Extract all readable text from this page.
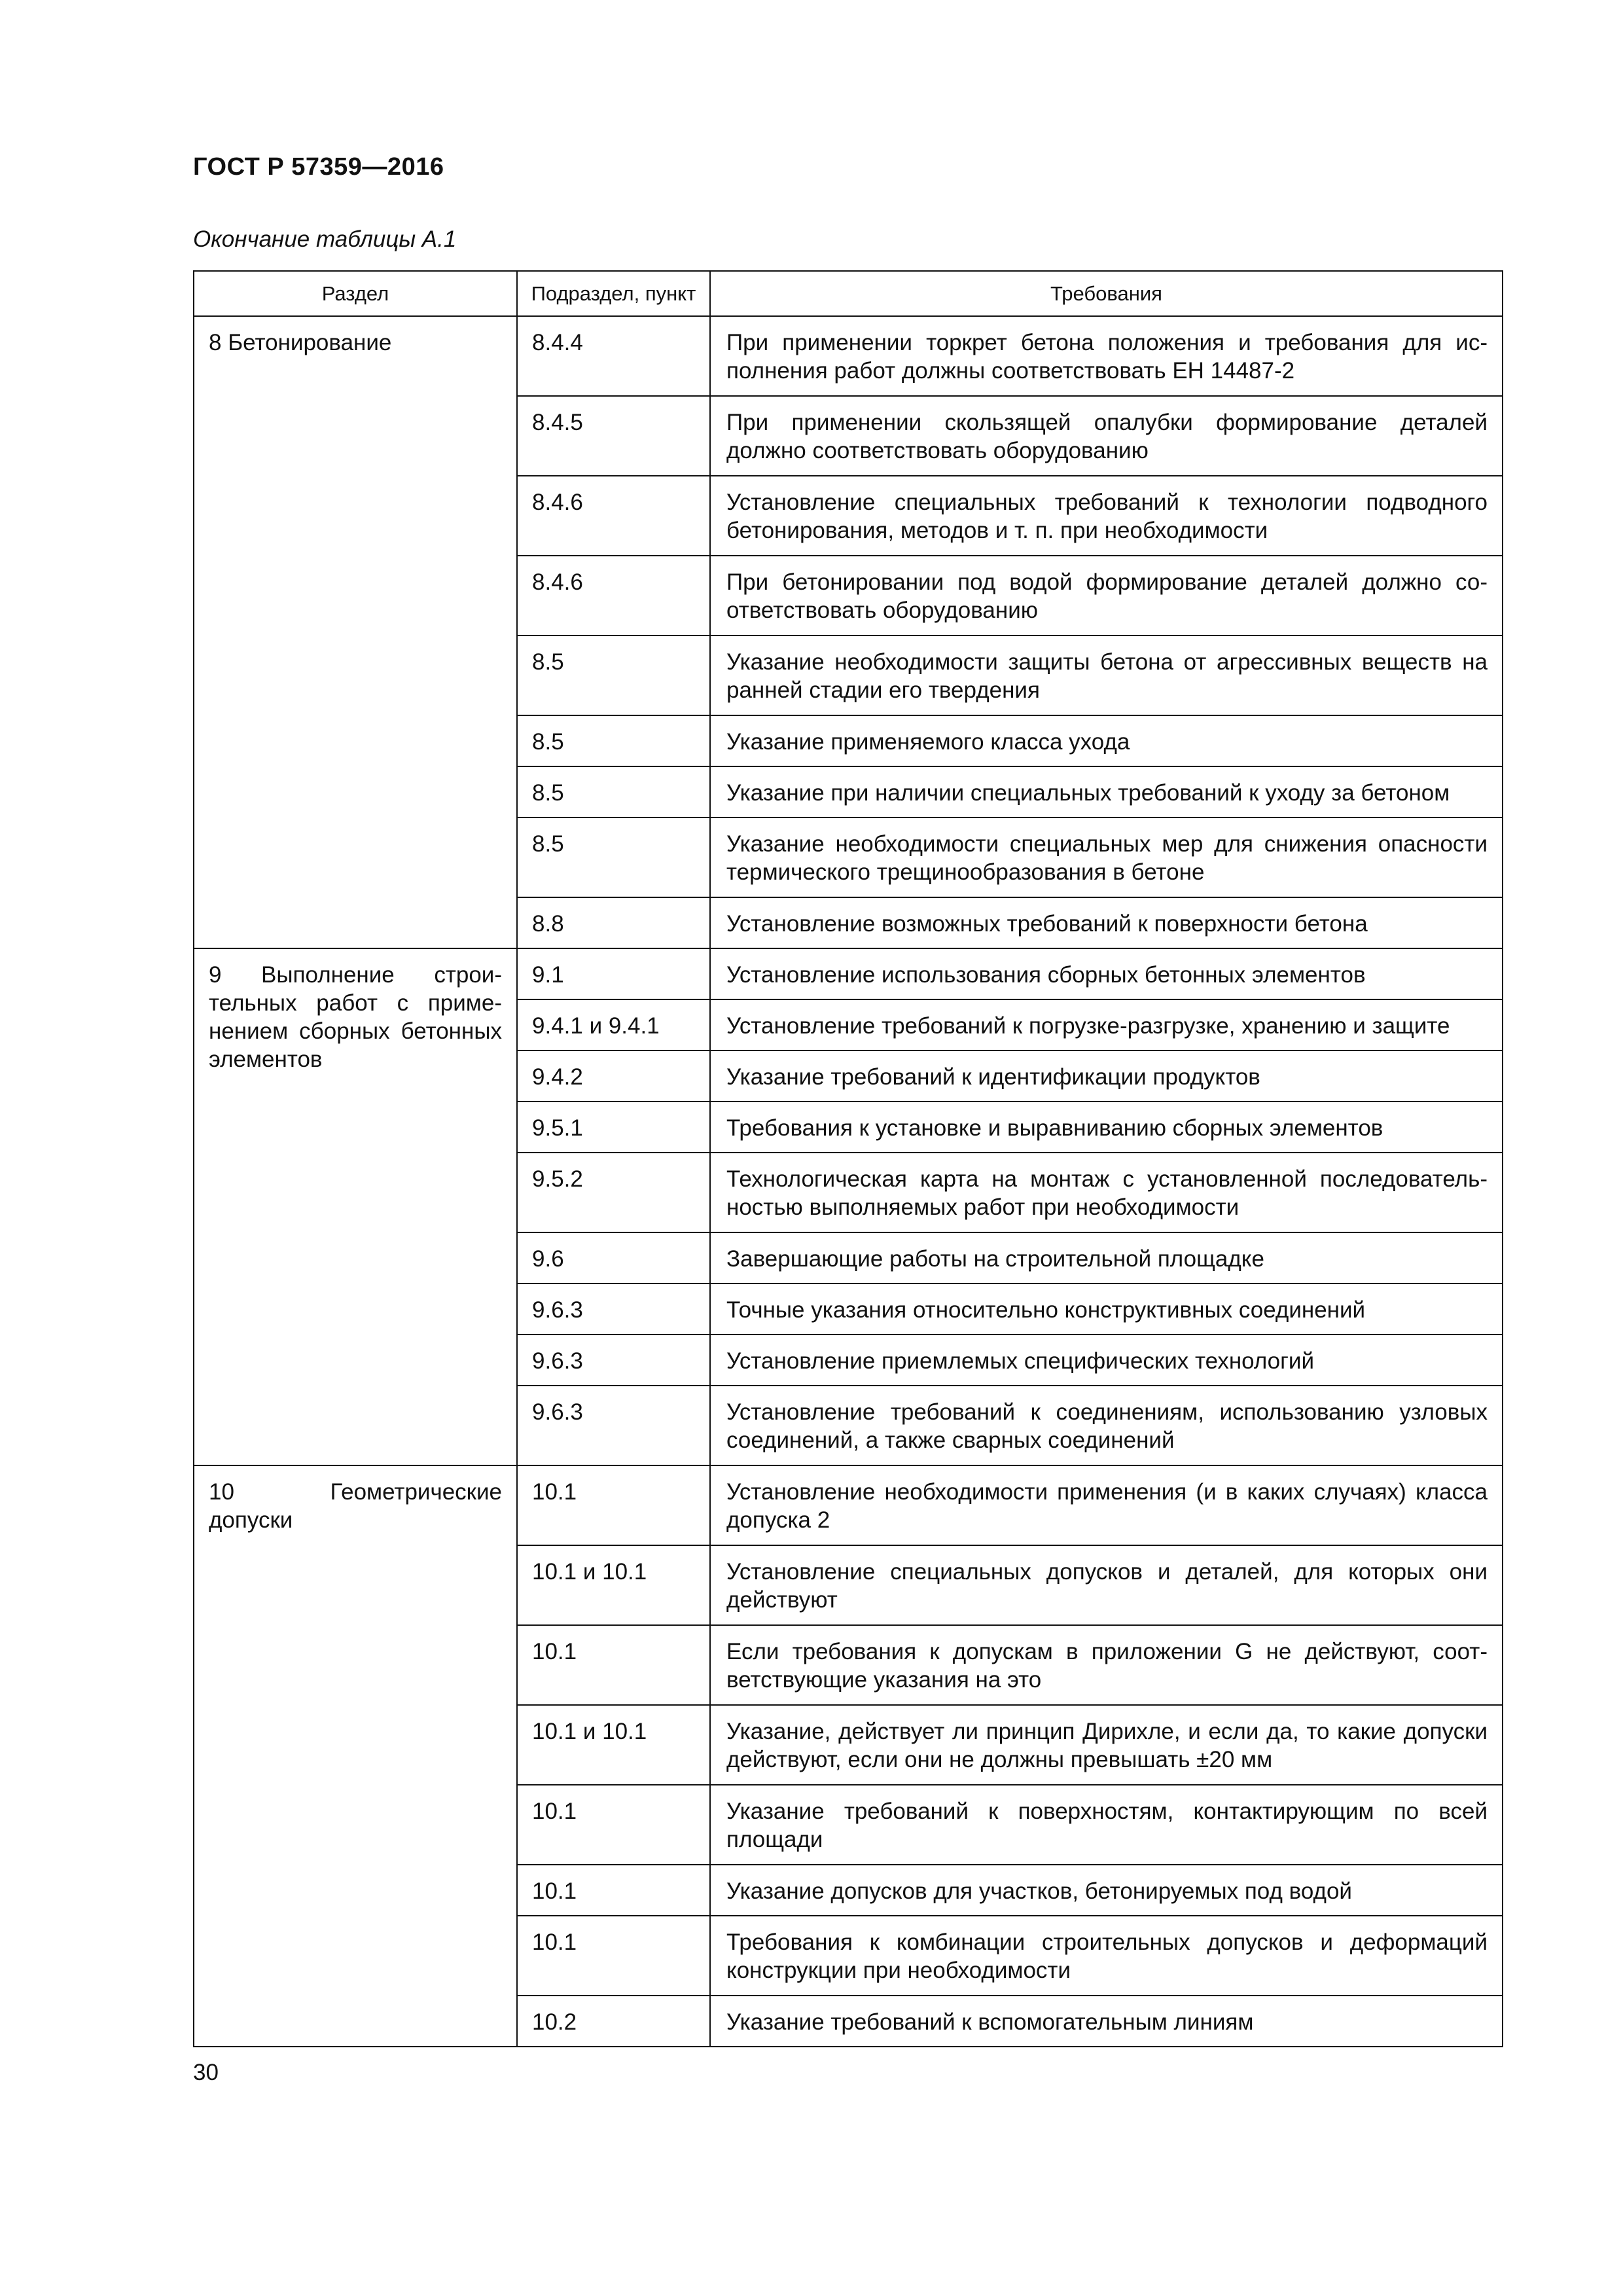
ГОСТ Р 57359—2016

Окончание таблицы А.1

Раздел	Подраздел, пункт	Требования
8 Бетонирование	8.4.4	При применении торкрет бетона положения и требования для исполнения работ должны соответствовать ЕН 14487-2
	8.4.5	При применении скользящей опалубки формирование деталей должно соответствовать оборудованию
	8.4.6	Установление специальных требований к технологии подводного бетонирования, методов и т. п. при необходимости
	8.4.6	При бетонировании под водой формирование деталей должно соответствовать оборудованию
	8.5	Указание необходимости защиты бетона от агрессивных веществ на ранней стадии его твердения
	8.5	Указание применяемого класса ухода
	8.5	Указание при наличии специальных требований к уходу за бетоном
	8.5	Указание необходимости специальных мер для снижения опасности термического трещинообразования в бетоне
	8.8	Установление возможных требований к поверхности бетона
9 Выполнение строительных работ с применением сборных бетонных элементов	9.1	Установление использования сборных бетонных элементов
	9.4.1 и 9.4.1	Установление требований к погрузке-разгрузке, хранению и защите
	9.4.2	Указание требований к идентификации продуктов
	9.5.1	Требования к установке и выравниванию сборных элементов
	9.5.2	Технологическая карта на монтаж с установленной последовательностью выполняемых работ при необходимости
	9.6	Завершающие работы на строительной площадке
	9.6.3	Точные указания относительно конструктивных соединений
	9.6.3	Установление приемлемых специфических технологий
	9.6.3	Установление требований к соединениям, использованию узловых соединений, а также сварных соединений
10 Геометрические допуски	10.1	Установление необходимости применения (и в каких случаях) класса допуска 2
	10.1 и 10.1	Установление специальных допусков и деталей, для которых они действуют
	10.1	Если требования к допускам в приложении G не действуют, соответствующие указания на это
	10.1 и 10.1	Указание, действует ли принцип Дирихле, и если да, то какие допуски действуют, если они не должны превышать ±20 мм
	10.1	Указание требований к поверхностям, контактирующим по всей площади
	10.1	Указание допусков для участков, бетонируемых под водой
	10.1	Требования к комбинации строительных допусков и деформаций конструкции при необходимости
	10.2	Указание требований к вспомогательным линиям

30
